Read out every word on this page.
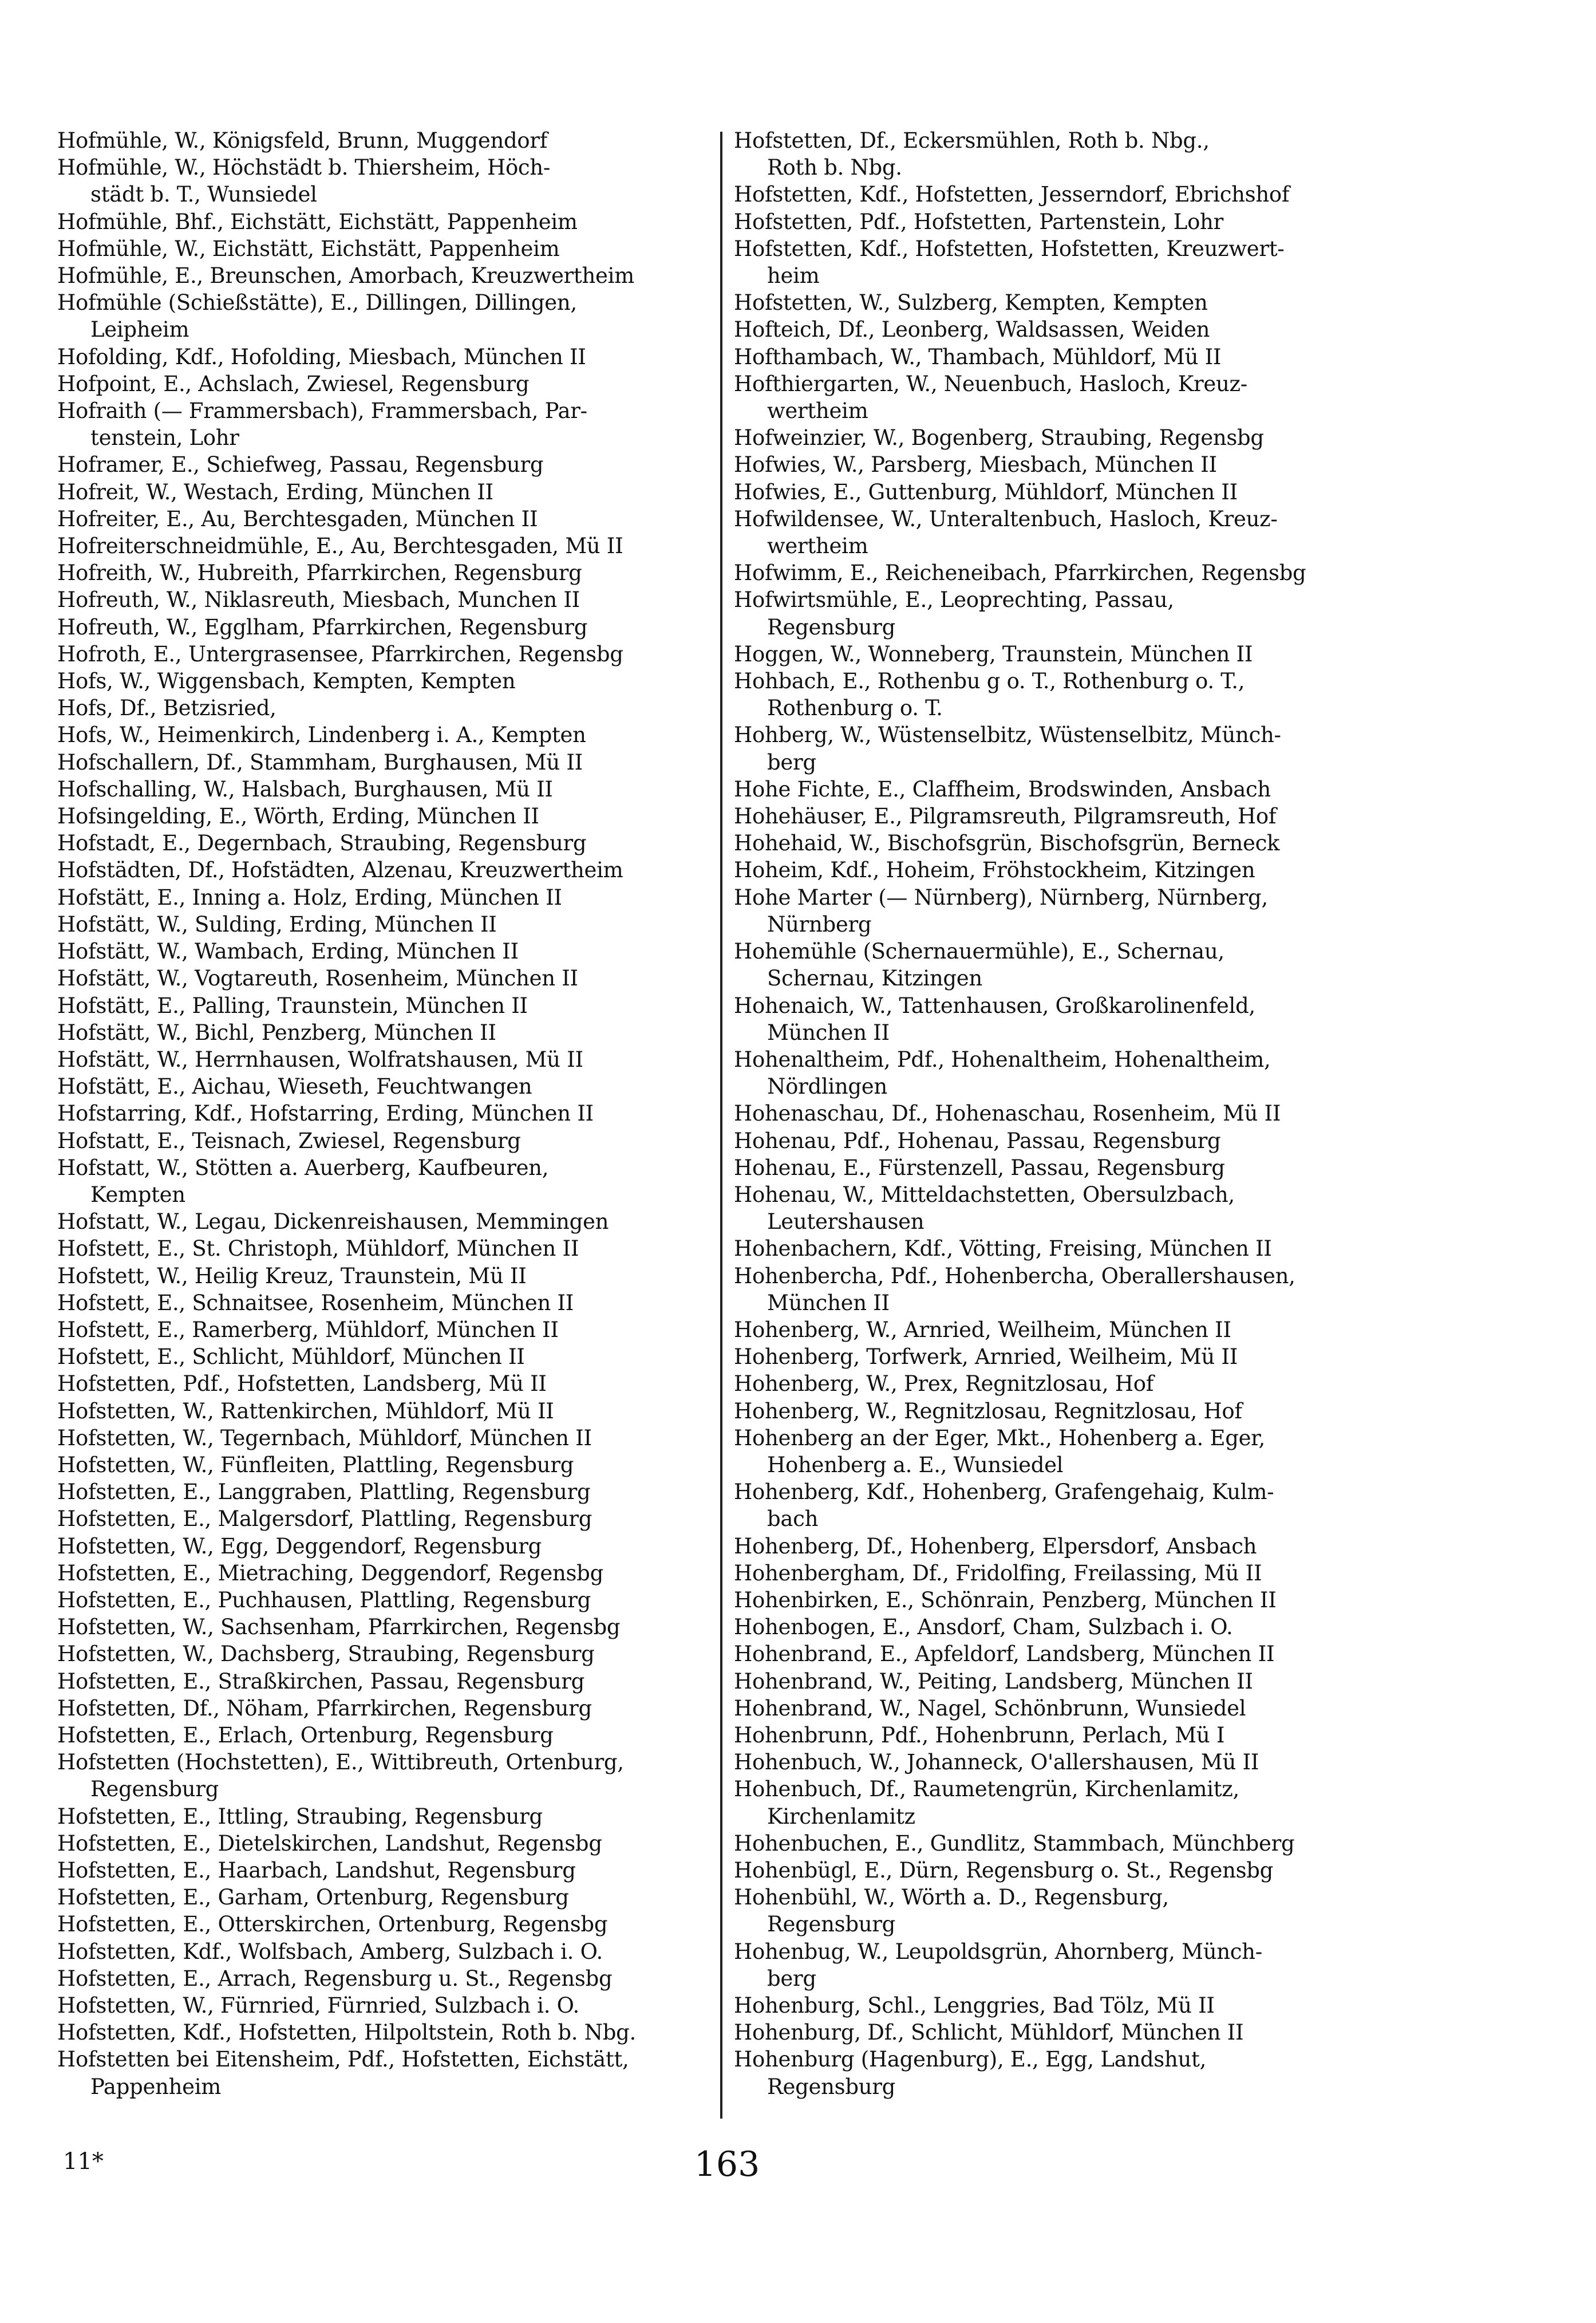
Hofmühle, W., Königsfeld, Brunn, Muggendorf
Hofmühle, W., Höchstädt b. Thiersheim, Höch-
städt b. T., Wunsiedel
Hofmühle, Bhf., Eichstätt, Eichstätt, Pappenheim
Hofmühle, W., Eichstätt, Eichstätt, Pappenheim
Hofmühle, E., Breunschen, Amorbach, Kreuzwertheim
Hofmühle (Schießstätte), E., Dillingen, Dillingen,
Leipheim
Hofolding, Kdf., Hofolding, Miesbach, München II
Hofpoint, E., Achslach, Zwiesel, Regensburg
Hofraith (— Frammersbach), Frammersbach, Par-
tenstein, Lohr
Hoframer, E., Schiefweg, Passau, Regensburg
Hofreit, W., Westach, Erding, München II
Hofreiter, E., Au, Berchtesgaden, München II
Hofreiterschneidmühle, E., Au, Berchtesgaden, Mü II
Hofreith, W., Hubreith, Pfarrkirchen, Regensburg
Hofreuth, W., Niklasreuth, Miesbach, Munchen II
Hofreuth, W., Egglham, Pfarrkirchen, Regensburg
Hofroth, E., Untergrasensee, Pfarrkirchen, Regensbg
Hofs, W., Wiggensbach, Kempten, Kempten
Hofs, Df., Betzisried,
Hofs, W., Heimenkirch, Lindenberg i. A., Kempten
Hofschallern, Df., Stammham, Burghausen, Mü II
Hofschalling, W., Halsbach, Burghausen, Mü II
Hofsingelding, E., Wörth, Erding, München II
Hofstadt, E., Degernbach, Straubing, Regensburg
Hofstädten, Df., Hofstädten, Alzenau, Kreuzwertheim
Hofstätt, E., Inning a. Holz, Erding, München II
Hofstätt, W., Sulding, Erding, München II
Hofstätt, W., Wambach, Erding, München II
Hofstätt, W., Vogtareuth, Rosenheim, München II
Hofstätt, E., Palling, Traunstein, München II
Hofstätt, W., Bichl, Penzberg, München II
Hofstätt, W., Herrnhausen, Wolfratshausen, Mü II
Hofstätt, E., Aichau, Wieseth, Feuchtwangen
Hofstarring, Kdf., Hofstarring, Erding, München II
Hofstatt, E., Teisnach, Zwiesel, Regensburg
Hofstatt, W., Stötten a. Auerberg, Kaufbeuren,
Kempten
Hofstatt, W., Legau, Dickenreishausen, Memmingen
Hofstett, E., St. Christoph, Mühldorf, München II
Hofstett, W., Heilig Kreuz, Traunstein, Mü II
Hofstett, E., Schnaitsee, Rosenheim, München II
Hofstett, E., Ramerberg, Mühldorf, München II
Hofstett, E., Schlicht, Mühldorf, München II
Hofstetten, Pdf., Hofstetten, Landsberg, Mü II
Hofstetten, W., Rattenkirchen, Mühldorf, Mü II
Hofstetten, W., Tegernbach, Mühldorf, München II
Hofstetten, W., Fünfleiten, Plattling, Regensburg
Hofstetten, E., Langgraben, Plattling, Regensburg
Hofstetten, E., Malgersdorf, Plattling, Regensburg
Hofstetten, W., Egg, Deggendorf, Regensburg
Hofstetten, E., Mietraching, Deggendorf, Regensbg
Hofstetten, E., Puchhausen, Plattling, Regensburg
Hofstetten, W., Sachsenham, Pfarrkirchen, Regensbg
Hofstetten, W., Dachsberg, Straubing, Regensburg
Hofstetten, E., Straßkirchen, Passau, Regensburg
Hofstetten, Df., Nöham, Pfarrkirchen, Regensburg
Hofstetten, E., Erlach, Ortenburg, Regensburg
Hofstetten (Hochstetten), E., Wittibreuth, Ortenburg,
Regensburg
Hofstetten, E., Ittling, Straubing, Regensburg
Hofstetten, E., Dietelskirchen, Landshut, Regensbg
Hofstetten, E., Haarbach, Landshut, Regensburg
Hofstetten, E., Garham, Ortenburg, Regensburg
Hofstetten, E., Otterskirchen, Ortenburg, Regensbg
Hofstetten, Kdf., Wolfsbach, Amberg, Sulzbach i. O.
Hofstetten, E., Arrach, Regensburg u. St., Regensbg
Hofstetten, W., Fürnried, Fürnried, Sulzbach i. O.
Hofstetten, Kdf., Hofstetten, Hilpoltstein, Roth b. Nbg.
Hofstetten bei Eitensheim, Pdf., Hofstetten, Eichstätt,
Pappenheim
Hofstetten, Df., Eckersmühlen, Roth b. Nbg.,
Roth b. Nbg.
Hofstetten, Kdf., Hofstetten, Jesserndorf, Ebrichshof
Hofstetten, Pdf., Hofstetten, Partenstein, Lohr
Hofstetten, Kdf., Hofstetten, Hofstetten, Kreuzwert-
heim
Hofstetten, W., Sulzberg, Kempten, Kempten
Hofteich, Df., Leonberg, Waldsassen, Weiden
Hofthambach, W., Thambach, Mühldorf, Mü II
Hofthiergarten, W., Neuenbuch, Hasloch, Kreuz-
wertheim
Hofweinzier, W., Bogenberg, Straubing, Regensbg
Hofwies, W., Parsberg, Miesbach, München II
Hofwies, E., Guttenburg, Mühldorf, München II
Hofwildensee, W., Unteraltenbuch, Hasloch, Kreuz-
wertheim
Hofwimm, E., Reicheneibach, Pfarrkirchen, Regensbg
Hofwirtsmühle, E., Leoprechting, Passau,
Regensburg
Hoggen, W., Wonneberg, Traunstein, München II
Hohbach, E., Rothenbu g o. T., Rothenburg o. T.,
Rothenburg o. T.
Hohberg, W., Wüstenselbitz, Wüstenselbitz, Münch-
berg
Hohe Fichte, E., Claffheim, Brodswinden, Ansbach
Hohehäuser, E., Pilgramsreuth, Pilgramsreuth, Hof
Hohehaid, W., Bischofsgrün, Bischofsgrün, Berneck
Hoheim, Kdf., Hoheim, Fröhstockheim, Kitzingen
Hohe Marter (— Nürnberg), Nürnberg, Nürnberg,
Nürnberg
Hohemühle (Schernauermühle), E., Schernau,
Schernau, Kitzingen
Hohenaich, W., Tattenhausen, Großkarolinenfeld,
München II
Hohenaltheim, Pdf., Hohenaltheim, Hohenaltheim,
Nördlingen
Hohenaschau, Df., Hohenaschau, Rosenheim, Mü II
Hohenau, Pdf., Hohenau, Passau, Regensburg
Hohenau, E., Fürstenzell, Passau, Regensburg
Hohenau, W., Mitteldachstetten, Obersulzbach,
Leutershausen
Hohenbachern, Kdf., Vötting, Freising, München II
Hohenbercha, Pdf., Hohenbercha, Oberallershausen,
München II
Hohenberg, W., Arnried, Weilheim, München II
Hohenberg, Torfwerk, Arnried, Weilheim, Mü II
Hohenberg, W., Prex, Regnitzlosau, Hof
Hohenberg, W., Regnitzlosau, Regnitzlosau, Hof
Hohenberg an der Eger, Mkt., Hohenberg a. Eger,
Hohenberg a. E., Wunsiedel
Hohenberg, Kdf., Hohenberg, Grafengehaig, Kulm-
bach
Hohenberg, Df., Hohenberg, Elpersdorf, Ansbach
Hohenbergham, Df., Fridolfing, Freilassing, Mü II
Hohenbirken, E., Schönrain, Penzberg, München II
Hohenbogen, E., Ansdorf, Cham, Sulzbach i. O.
Hohenbrand, E., Apfeldorf, Landsberg, München II
Hohenbrand, W., Peiting, Landsberg, München II
Hohenbrand, W., Nagel, Schönbrunn, Wunsiedel
Hohenbrunn, Pdf., Hohenbrunn, Perlach, Mü I
Hohenbuch, W., Johanneck, O'allershausen, Mü II
Hohenbuch, Df., Raumetengrün, Kirchenlamitz,
Kirchenlamitz
Hohenbuchen, E., Gundlitz, Stammbach, Münchberg
Hohenbügl, E., Dürn, Regensburg o. St., Regensbg
Hohenbühl, W., Wörth a. D., Regensburg,
Regensburg
Hohenbug, W., Leupoldsgrün, Ahornberg, Münch-
berg
Hohenburg, Schl., Lenggries, Bad Tölz, Mü II
Hohenburg, Df., Schlicht, Mühldorf, München II
Hohenburg (Hagenburg), E., Egg, Landshut,
Regensburg
11*	163
